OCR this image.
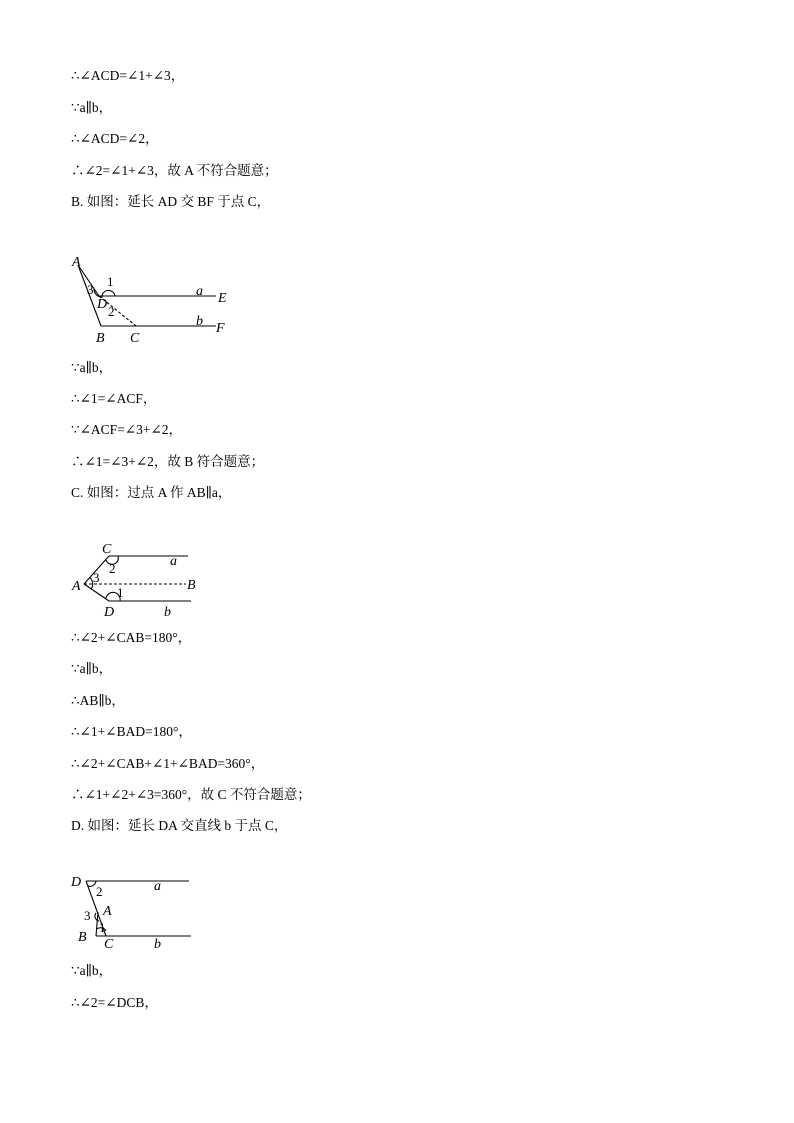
∴∠ACD=∠1+∠3，
∵a∥b，
∴∠ACD=∠2，
∴∠2=∠1+∠3，故 A 不符合题意；
B. 如图：延长 AD 交 BF 于点 C，
A
1
3
D 2
a E
b F
B C
∵a∥b，
∴∠1=∠ACF，
∵∠ACF=∠3+∠2，
∴∠1=∠3+∠2，故 B 符合题意；
C. 如图：过点 A 作 AB∥a，
C
a
2
3
A	B
1
D	b
∴∠2+∠CAB=180°，
∵a∥b，
∴AB∥b，
∴∠1+∠BAD=180°，
∴∠2+∠CAB+∠1+∠BAD=360°，
∴∠1+∠2+∠3=360°，故 C 不符合题意；
D. 如图：延长 DA 交直线 b 于点 C，
D
2	a
A
3
1
B C	b
∵a∥b，
∴∠2=∠DCB，
